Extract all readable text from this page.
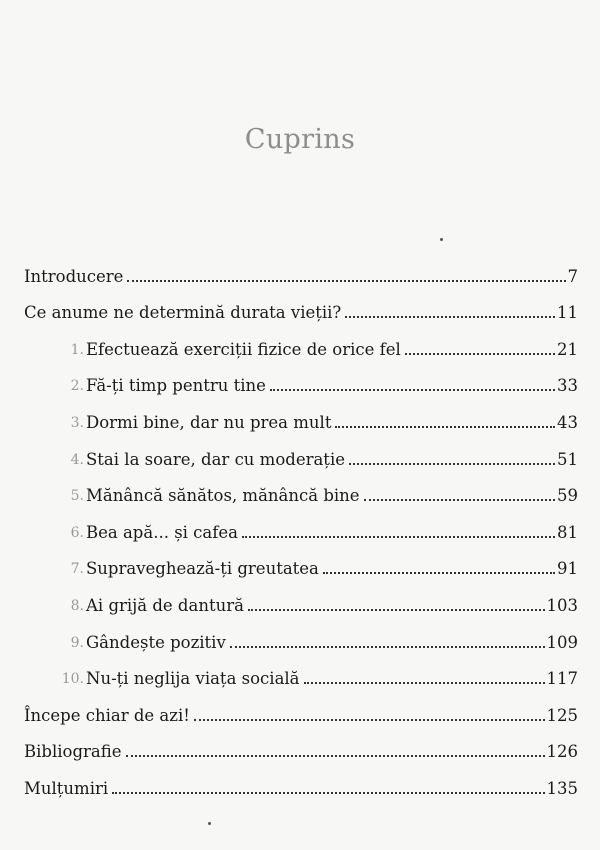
Cuprins
Introducere	7
Ce anume ne determină durata vieții?	11
1. Efectuează exerciții fizice de orice fel	21
2. Fă-ți timp pentru tine	33
3. Dormi bine, dar nu prea mult	43
4. Stai la soare, dar cu moderație	51
5. Mănâncă sănătos, mănâncă bine	59
6. Bea apă... și cafea	81
7. Supraveghează-ți greutatea	91
8. Ai grijă de dantură	103
9. Gândește pozitiv	109
10. Nu-ți neglija viața socială	117
Începe chiar de azi!	125
Bibliografie	126
Mulțumiri	135
